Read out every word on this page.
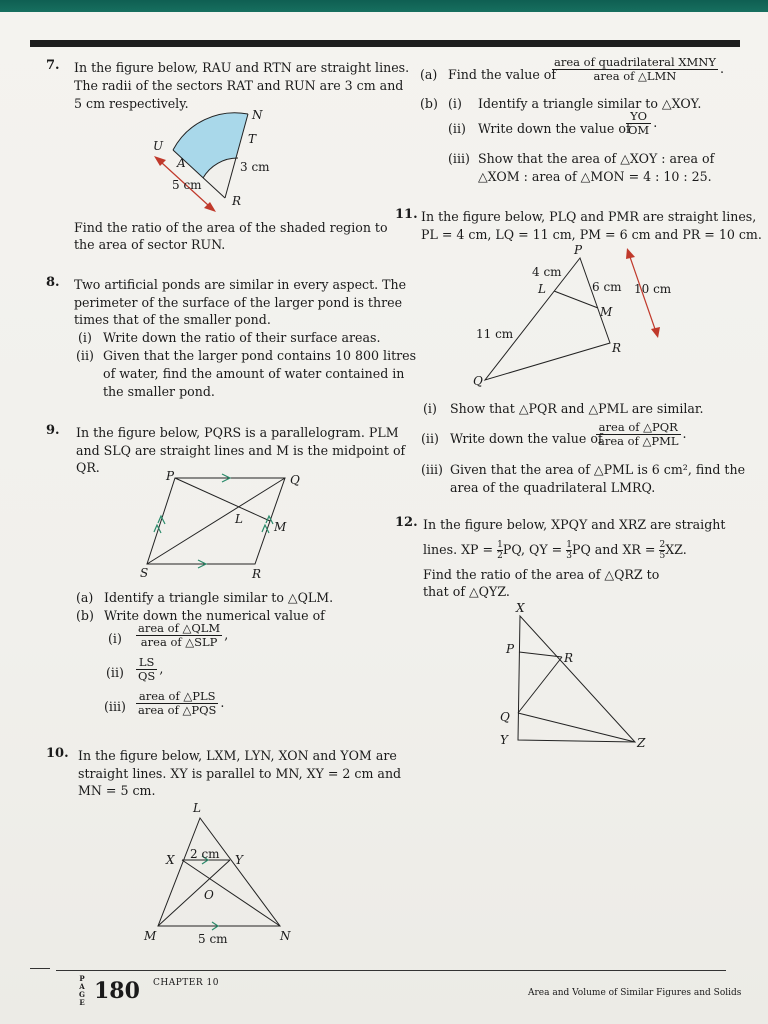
7. In the figure below, RAU and RTN are straight lines.
The radii of the sectors RAT and RUN are 3 cm and
5 cm respectively.
N
T
U
A
R
3 cm
5 cm
Find the ratio of the area of the shaded region to
the area of sector RUN.
8. Two artificial ponds are similar in every aspect. The
perimeter of the surface of the larger pond is three
times that of the smaller pond.
(i) Write down the ratio of their surface areas.
(ii) Given that the larger pond contains 10 800 litres
of water, find the amount of water contained in
the smaller pond.
9. In the figure below, PQRS is a parallelogram. PLM
and SLQ are straight lines and M is the midpoint of
QR.
P	Q
L
M
S	R
(a) Identify a triangle similar to △QLM.
(b) Write down the numerical value of
$(i) \frac{\text{area of △QLM}}{\text{area of △SLP}}$ ,
$(ii) \frac{LS}{QS}$ ,
$(iii) \frac{\text{area of △PLS}}{\text{area of △PQS}}$ .
10. In the figure below, LXM, LYN, XON and YOM are
straight lines. XY is parallel to MN, XY = 2 cm and
MN = 5 cm.
L
X	Y
O
M	N
2 cm
5 cm
(a) Find the value of
$\frac{\text{area of quadrilateral XMNY}}{\text{area of △LMN}}$ .
(b) (i) Identify a triangle similar to △XOY.
(ii) Write down the value of
$\frac{YO}{OM}$ .
(iii) Show that the area of △XOY : area of
△XOM : area of △MON = 4 : 10 : 25.
11. In the figure below, PLQ and PMR are straight lines,
PL = 4 cm, LQ = 11 cm, PM = 6 cm and PR = 10 cm.
P
L
M
Q
R
4 cm
6 cm 10 cm
11 cm
(i) Show that △PQR and △PML are similar.
(ii) Write down the value of
$\frac{\text{area of △PQR}}{\text{area of △PML}}$ .
(iii) Given that the area of △PML is 6 cm², find the
area of the quadrilateral LMRQ.
12. In the figure below, XPQY and XRZ are straight
lines. XP = $\frac{1}{2}PQ$, QY = $\frac{1}{3}PQ$ and XR = $\frac{2}{5}XZ$.
Find the ratio of the area of △QRZ to
that of △QYZ.
X
P
R
Q
Y	Z
P
A
G
E 180 CHAPTER 10
Area and Volume of Similar Figures and Solids
